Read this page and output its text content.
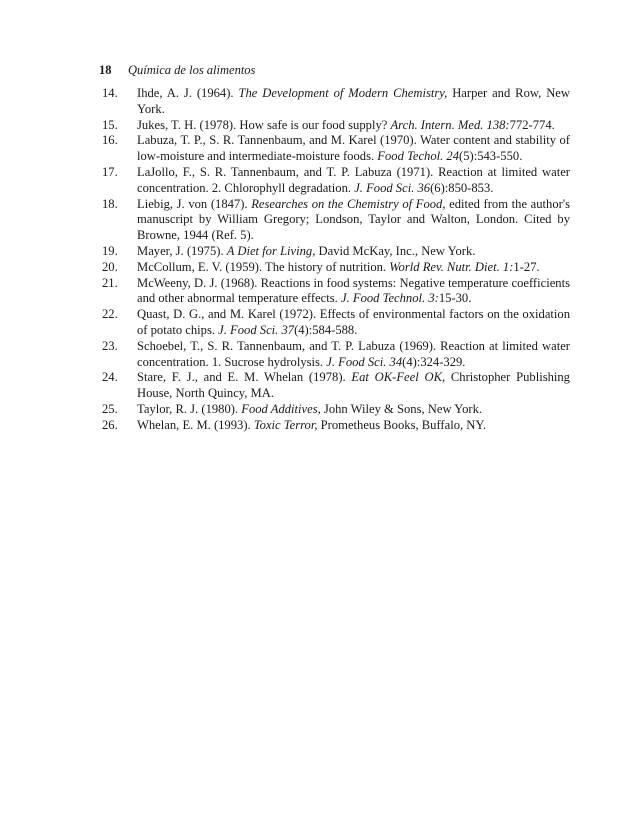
18 Química de los alimentos
14.	Ihde, A. J. (1964). The Development of Modern Chemistry, Harper and Row, New York.
15.	Jukes, T. H. (1978). How safe is our food supply? Arch. Intern. Med. 138:772-774.
16.	Labuza, T. P., S. R. Tannenbaum, and M. Karel (1970). Water content and stability of low-moisture and intermediate-moisture foods. Food Techol. 24(5):543-550.
17.	LaJollo, F., S. R. Tannenbaum, and T. P. Labuza (1971). Reaction at limited water concentration. 2. Chlorophyll degradation. J. Food Sci. 36(6):850-853.
18.	Liebig, J. von (1847). Researches on the Chemistry of Food, edited from the author's manuscript by William Gregory; Londson, Taylor and Walton, London. Cited by Browne, 1944 (Ref. 5).
19.	Mayer, J. (1975). A Diet for Living, David McKay, Inc., New York.
20.	McCollum, E. V. (1959). The history of nutrition. World Rev. Nutr. Diet. 1:1-27.
21.	McWeeny, D. J. (1968). Reactions in food systems: Negative temperature coefficients and other abnormal temperature effects. J. Food Technol. 3:15-30.
22.	Quast, D. G., and M. Karel (1972). Effects of environmental factors on the oxidation of potato chips. J. Food Sci. 37(4):584-588.
23.	Schoebel, T., S. R. Tannenbaum, and T. P. Labuza (1969). Reaction at limited water concentration. 1. Sucrose hydrolysis. J. Food Sci. 34(4):324-329.
24.	Stare, F. J., and E. M. Whelan (1978). Eat OK-Feel OK, Christopher Publishing House, North Quincy, MA.
25.	Taylor, R. J. (1980). Food Additives, John Wiley & Sons, New York.
26.	Whelan, E. M. (1993). Toxic Terror, Prometheus Books, Buffalo, NY.
